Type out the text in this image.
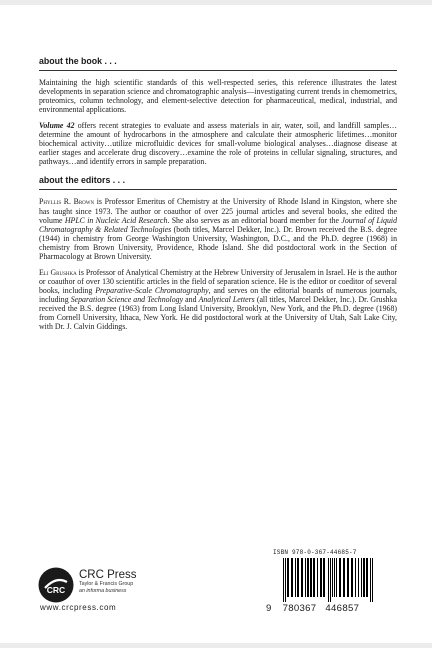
about the book . . .

Maintaining the high scientific standards of this well-respected series, this reference illustrates the latest developments in separation science and chromatographic analysis—investigating current trends in chemometrics, proteomics, column technology, and element-selective detection for pharmaceutical, medical, industrial, and environmental applications.

Volume 42 offers recent strategies to evaluate and assess materials in air, water, soil, and landfill samples…determine the amount of hydrocarbons in the atmosphere and calculate their atmospheric lifetimes…monitor biochemical activity…utilize microfluidic devices for small-volume biological analyses…diagnose disease at earlier stages and accelerate drug discovery…examine the role of proteins in cellular signaling, structures, and pathways…and identify errors in sample preparation.

about the editors . . .

Phyllis R. Brown is Professor Emeritus of Chemistry at the University of Rhode Island in Kingston, where she has taught since 1973. The author or coauthor of over 225 journal articles and several books, she edited the volume HPLC in Nucleic Acid Research. She also serves as an editorial board member for the Journal of Liquid Chromatography & Related Technologies (both titles, Marcel Dekker, Inc.). Dr. Brown received the B.S. degree (1944) in chemistry from George Washington University, Washington, D.C., and the Ph.D. degree (1968) in chemistry from Brown University, Providence, Rhode Island. She did postdoctoral work in the Section of Pharmacology at Brown University.

Eli Grushka is Professor of Analytical Chemistry at the Hebrew University of Jerusalem in Israel. He is the author or coauthor of over 130 scientific articles in the field of separation science. He is the editor or coeditor of several books, including Preparative-Scale Chromatography, and serves on the editorial boards of numerous journals, including Separation Science and Technology and Analytical Letters (all titles, Marcel Dekker, Inc.). Dr. Grushka received the B.S. degree (1963) from Long Island University, Brooklyn, New York, and the Ph.D. degree (1968) from Cornell University, Ithaca, New York. He did postdoctoral work at the University of Utah, Salt Lake City, with Dr. J. Calvin Giddings.

CRC
CRC Press
Taylor & Francis Group
an informa business
www.crcpress.com
ISBN 978-0-367-44685-7
9 780367 446857
